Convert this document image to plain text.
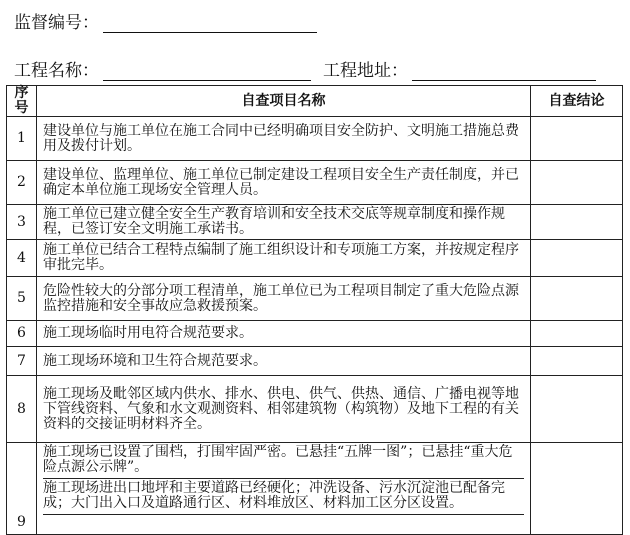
监督编号：
工程名称：	工程地址：
序号	自查项目名称	自查结论
1	建设单位与施工单位在施工合同中已经明确项目安全防护、文明施工措施总费用及拨付计划。	
2	建设单位、监理单位、施工单位已制定建设工程项目安全生产责任制度，并已确定本单位施工现场安全管理人员。	
3	施工单位已建立健全安全生产教育培训和安全技术交底等规章制度和操作规程，已签订安全文明施工承诺书。	
4	施工单位已结合工程特点编制了施工组织设计和专项施工方案，并按规定程序审批完毕。	
5	危险性较大的分部分项工程清单，施工单位已为工程项目制定了重大危险点源监控措施和安全事故应急救援预案。	
6	施工现场临时用电符合规范要求。	
7	施工现场环境和卫生符合规范要求。	
8	施工现场及毗邻区域内供水、排水、供电、供气、供热、通信、广播电视等地下管线资料、气象和水文观测资料、相邻建筑物（构筑物）及地下工程的有关资料的交接证明材料齐全。	
9	施工现场已设置了围档，打围牢固严密。已悬挂“五牌一图”；已悬挂“重大危险点源公示牌”。
施工现场进出口地坪和主要道路已经硬化；冲洗设备、污水沉淀池已配备完成；大门出入口及道路通行区、材料堆放区、材料加工区分区设置。	
